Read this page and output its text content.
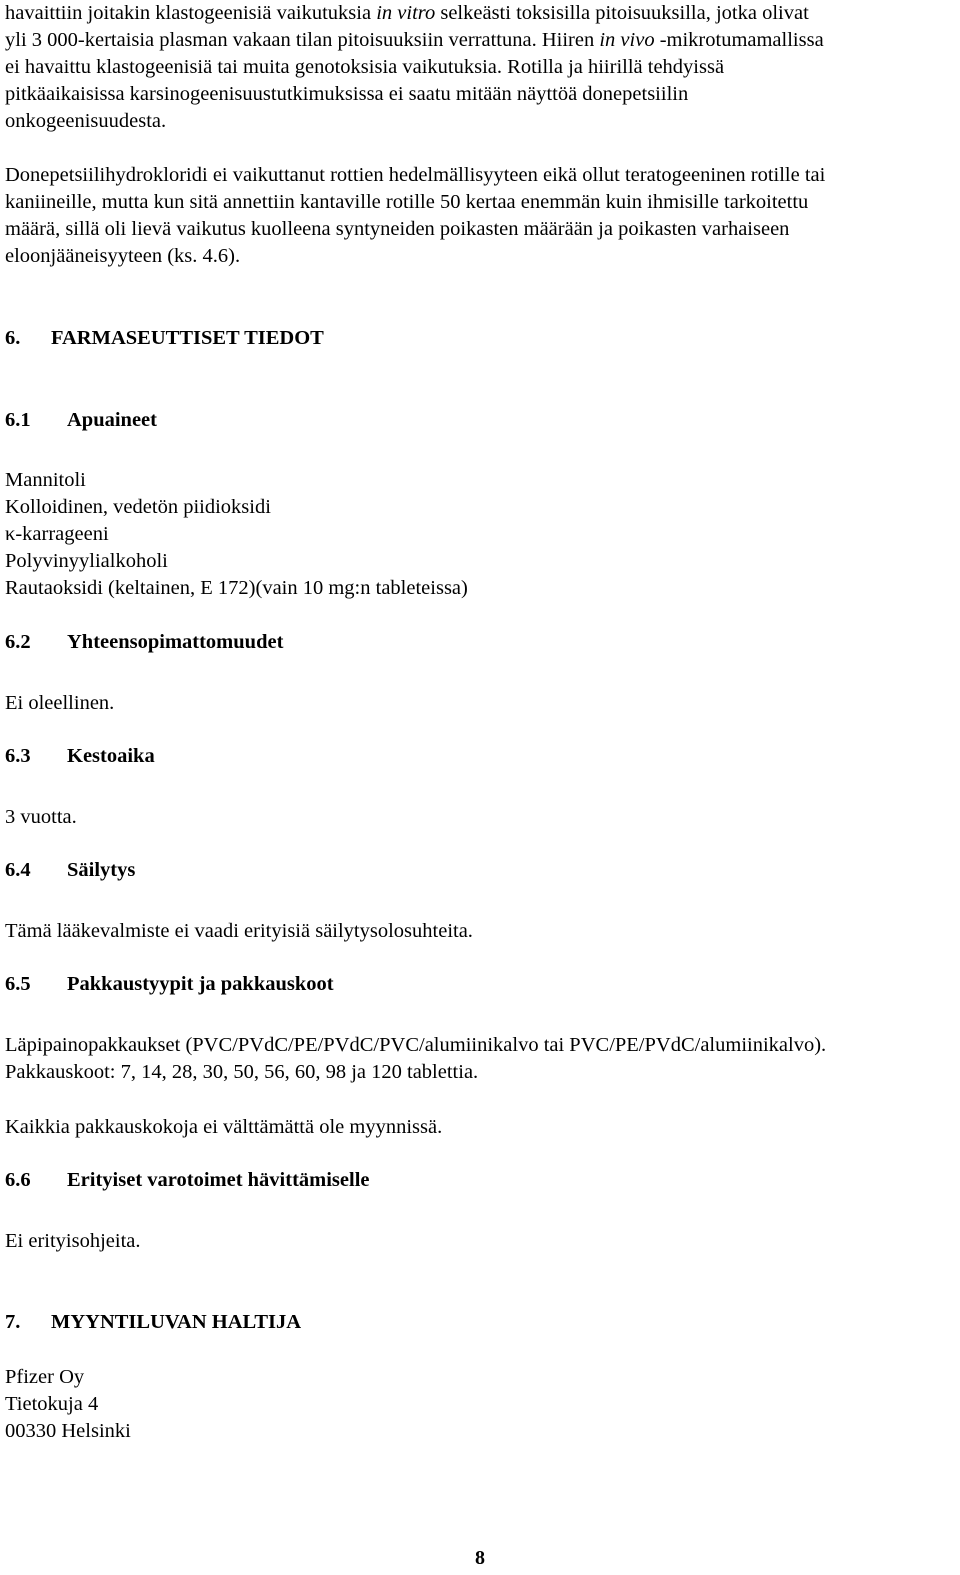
havaittiin joitakin klastogeenisiä vaikutuksia in vitro selkeästi toksisilla pitoisuuksilla, jotka olivat
yli 3 000-kertaisia plasman vakaan tilan pitoisuuksiin verrattuna. Hiiren in vivo -mikrotumamallissa
ei havaittu klastogeenisiä tai muita genotoksisia vaikutuksia. Rotilla ja hiirillä tehdyissä
pitkäaikaisissa karsinogeenisuustutkimuksissa ei saatu mitään näyttöä donepetsiilin
onkogeenisuudesta.
Donepetsiilihydrokloridi ei vaikuttanut rottien hedelmällisyyteen eikä ollut teratogeeninen rotille tai
kaniineille, mutta kun sitä annettiin kantaville rotille 50 kertaa enemmän kuin ihmisille tarkoitettu
määrä, sillä oli lievä vaikutus kuolleena syntyneiden poikasten määrään ja poikasten varhaiseen
eloonjääneisyyteen (ks. 4.6).
6. FARMASEUTTISET TIEDOT
6.1 Apuaineet
Mannitoli
Kolloidinen, vedetön piidioksidi
κ-karrageeni
Polyvinyylialkoholi
Rautaoksidi (keltainen, E 172)(vain 10 mg:n tableteissa)
6.2 Yhteensopimattomuudet
Ei oleellinen.
6.3 Kestoaika
3 vuotta.
6.4 Säilytys
Tämä lääkevalmiste ei vaadi erityisiä säilytysolosuhteita.
6.5 Pakkaustyypit ja pakkauskoot
Läpipainopakkaukset (PVC/PVdC/PE/PVdC/PVC/alumiinikalvo tai PVC/PE/PVdC/alumiinikalvo).
Pakkauskoot: 7, 14, 28, 30, 50, 56, 60, 98 ja 120 tablettia.
Kaikkia pakkauskokoja ei välttämättä ole myynnissä.
6.6 Erityiset varotoimet hävittämiselle
Ei erityisohjeita.
7. MYYNTILUVAN HALTIJA
Pfizer Oy
Tietokuja 4
00330 Helsinki
8
